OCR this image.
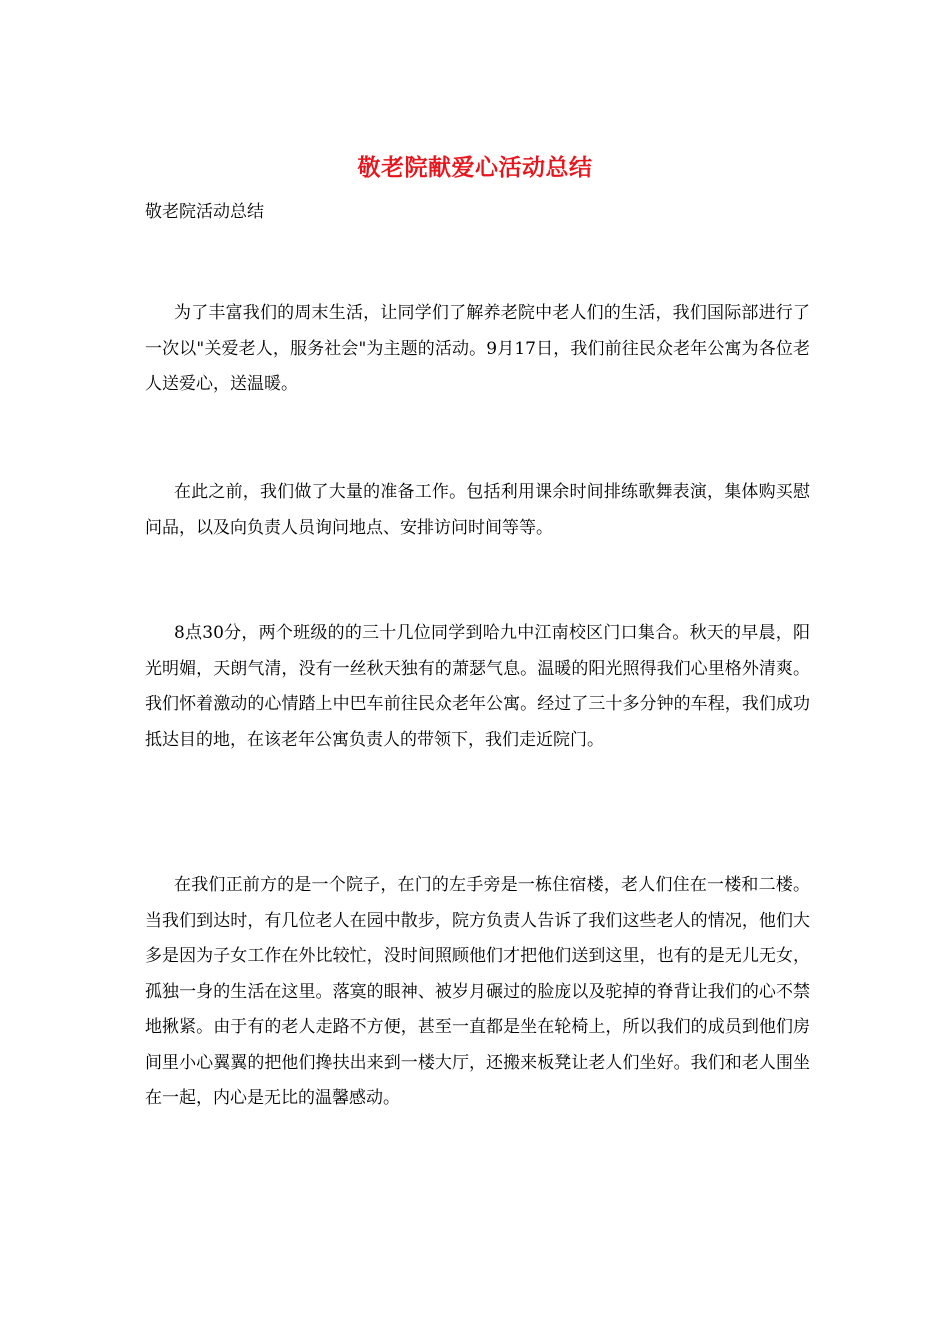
敬老院献爱心活动总结
敬老院活动总结

为了丰富我们的周末生活，让同学们了解养老院中老人们的生活，我们国际部进行了一次以"关爱老人，服务社会"为主题的活动。9月17日，我们前往民众老年公寓为各位老人送爱心，送温暖。

在此之前，我们做了大量的准备工作。包括利用课余时间排练歌舞表演，集体购买慰问品，以及向负责人员询问地点、安排访问时间等等。

8点30分，两个班级的的三十几位同学到哈九中江南校区门口集合。秋天的早晨，阳光明媚，天朗气清，没有一丝秋天独有的萧瑟气息。温暖的阳光照得我们心里格外清爽。我们怀着激动的心情踏上中巴车前往民众老年公寓。经过了三十多分钟的车程，我们成功抵达目的地，在该老年公寓负责人的带领下，我们走近院门。

在我们正前方的是一个院子，在门的左手旁是一栋住宿楼，老人们住在一楼和二楼。当我们到达时，有几位老人在园中散步，院方负责人告诉了我们这些老人的情况，他们大多是因为子女工作在外比较忙，没时间照顾他们才把他们送到这里，也有的是无儿无女，孤独一身的生活在这里。落寞的眼神、被岁月碾过的脸庞以及驼掉的脊背让我们的心不禁地揪紧。由于有的老人走路不方便，甚至一直都是坐在轮椅上，所以我们的成员到他们房间里小心翼翼的把他们搀扶出来到一楼大厅，还搬来板凳让老人们坐好。我们和老人围坐在一起，内心是无比的温馨感动。
